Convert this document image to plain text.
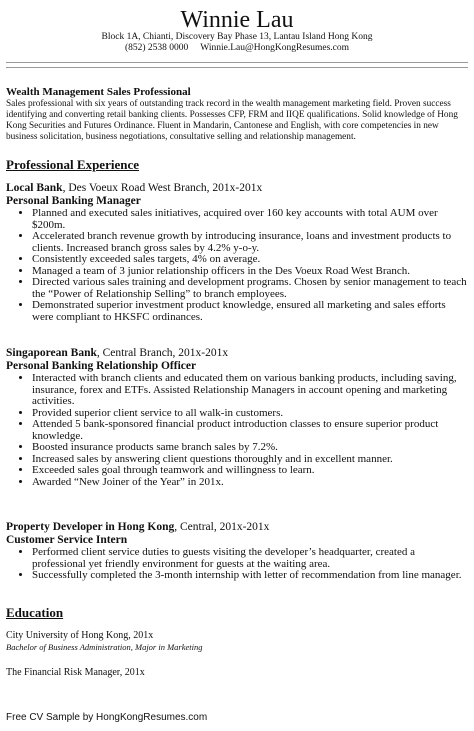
Winnie Lau
Block 1A, Chianti, Discovery Bay Phase 13, Lantau Island Hong Kong
(852) 2538 0000 Winnie.Lau@HongKongResumes.com
Wealth Management Sales Professional
Sales professional with six years of outstanding track record in the wealth management marketing field. Proven success identifying and converting retail banking clients. Possesses CFP, FRM and IIQE qualifications. Solid knowledge of Hong Kong Securities and Futures Ordinance. Fluent in Mandarin, Cantonese and English, with core competencies in new business solicitation, business negotiations, consultative selling and relationship management.
Professional Experience
Local Bank, Des Voeux Road West Branch, 201x-201x
Personal Banking Manager
• Planned and executed sales initiatives, acquired over 160 key accounts with total AUM over $200m.
• Accelerated branch revenue growth by introducing insurance, loans and investment products to clients. Increased branch gross sales by 4.2% y-o-y.
• Consistently exceeded sales targets, 4% on average.
• Managed a team of 3 junior relationship officers in the Des Voeux Road West Branch.
• Directed various sales training and development programs. Chosen by senior management to teach the “Power of Relationship Selling” to branch employees.
• Demonstrated superior investment product knowledge, ensured all marketing and sales efforts were compliant to HKSFC ordinances.
Singaporean Bank, Central Branch, 201x-201x
Personal Banking Relationship Officer
• Interacted with branch clients and educated them on various banking products, including saving, insurance, forex and ETFs. Assisted Relationship Managers in account opening and marketing activities.
• Provided superior client service to all walk-in customers.
• Attended 5 bank-sponsored financial product introduction classes to ensure superior product knowledge.
• Boosted insurance products same branch sales by 7.2%.
• Increased sales by answering client questions thoroughly and in excellent manner.
• Exceeded sales goal through teamwork and willingness to learn.
• Awarded “New Joiner of the Year” in 201x.
Property Developer in Hong Kong, Central, 201x-201x
Customer Service Intern
• Performed client service duties to guests visiting the developer’s headquarter, created a professional yet friendly environment for guests at the waiting area.
• Successfully completed the 3-month internship with letter of recommendation from line manager.
Education
City University of Hong Kong, 201x
Bachelor of Business Administration, Major in Marketing
The Financial Risk Manager, 201x
Free CV Sample by HongKongResumes.com
